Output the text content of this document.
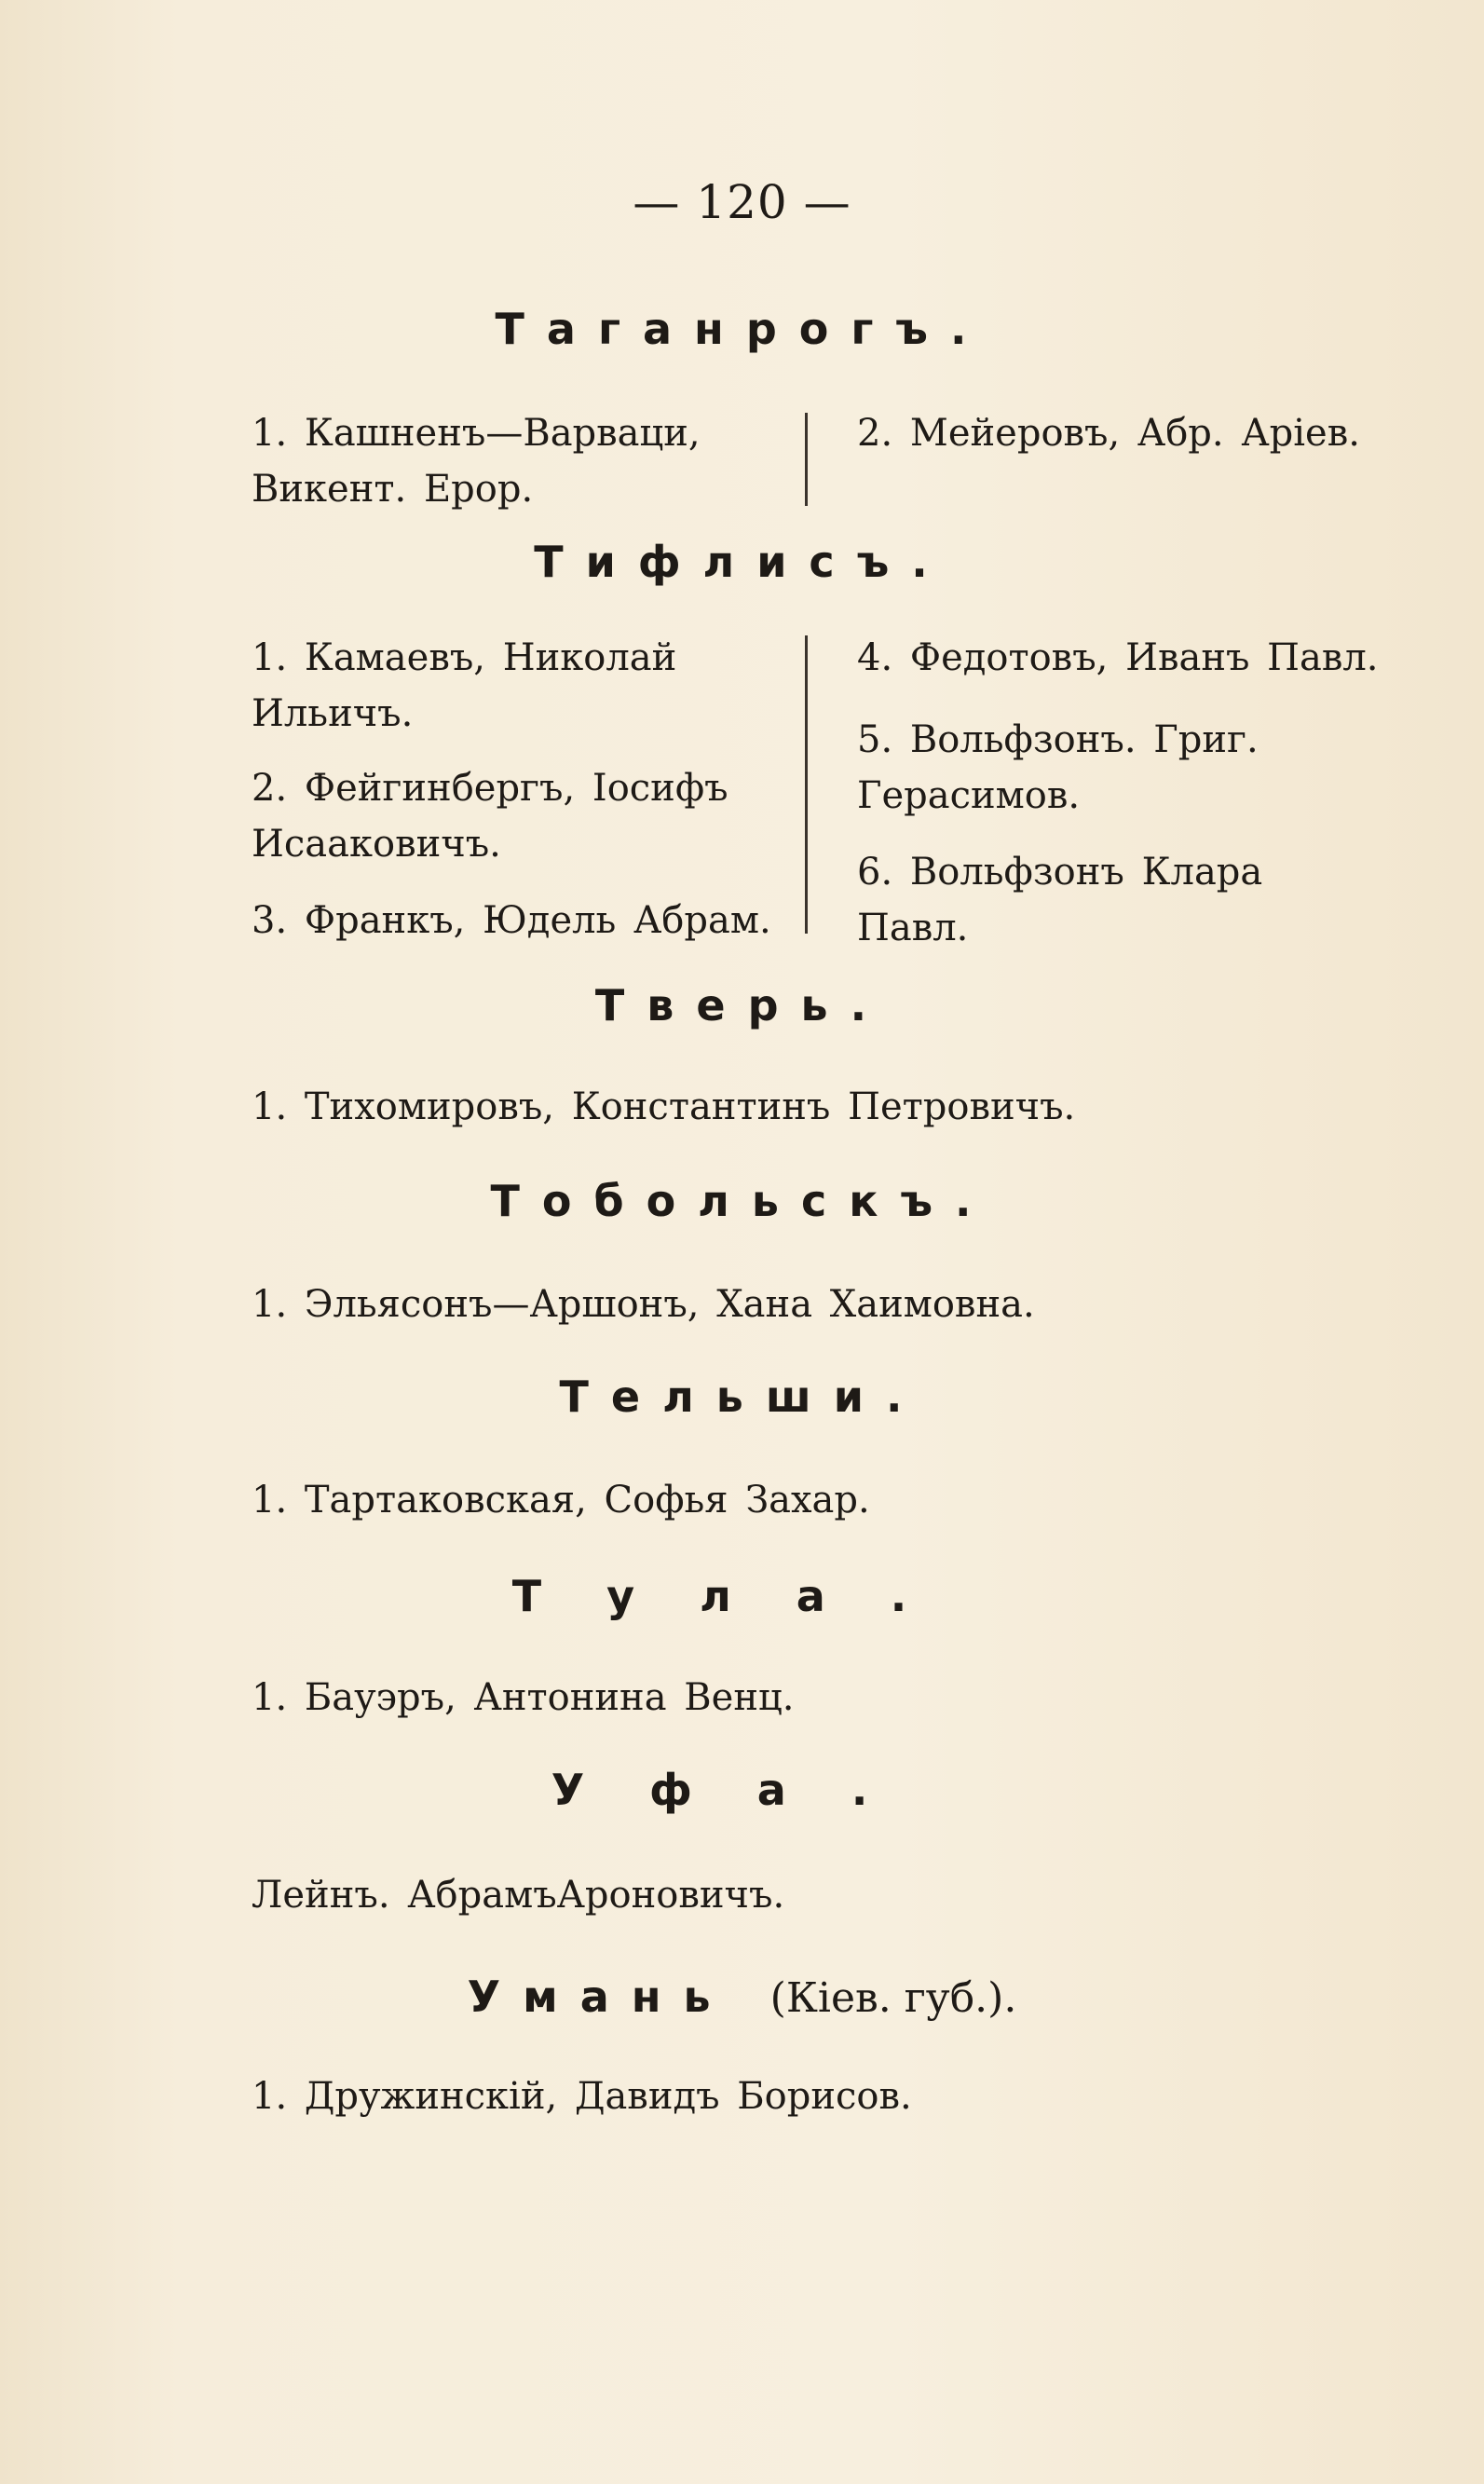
— 120 —
Таганрогъ.
1. Кашненъ—Варваци, Викент. Еpop.
2. Мейеровъ, Абр. Аріев.
Тифлисъ.
1. Камаевъ, Николай Ильичъ.
2. Фейгинбергъ, Іосифъ Исаaковичъ.
3. Франкъ, Юдель Абрам.
4. Федотовъ, Иванъ Павл.
5. Вольфзонъ. Григ. Герасимов.
6. Вольфзонъ Клара Павл.
Тверь.
1. Тихомировъ, Константинъ Петровичъ.
Тобольскъ.
1. Эльясонъ—Аршонъ, Хана Хаимовна.
Тельши.
1. Тартаковская, Софья Захар.
Тула.
1. Бауэръ, Антонина Венц.
Уфа.
Лейнъ. АбрамъАроновичъ.
Умань (Кіев. губ.).
1. Дружинскій, Давидъ Борисов.
